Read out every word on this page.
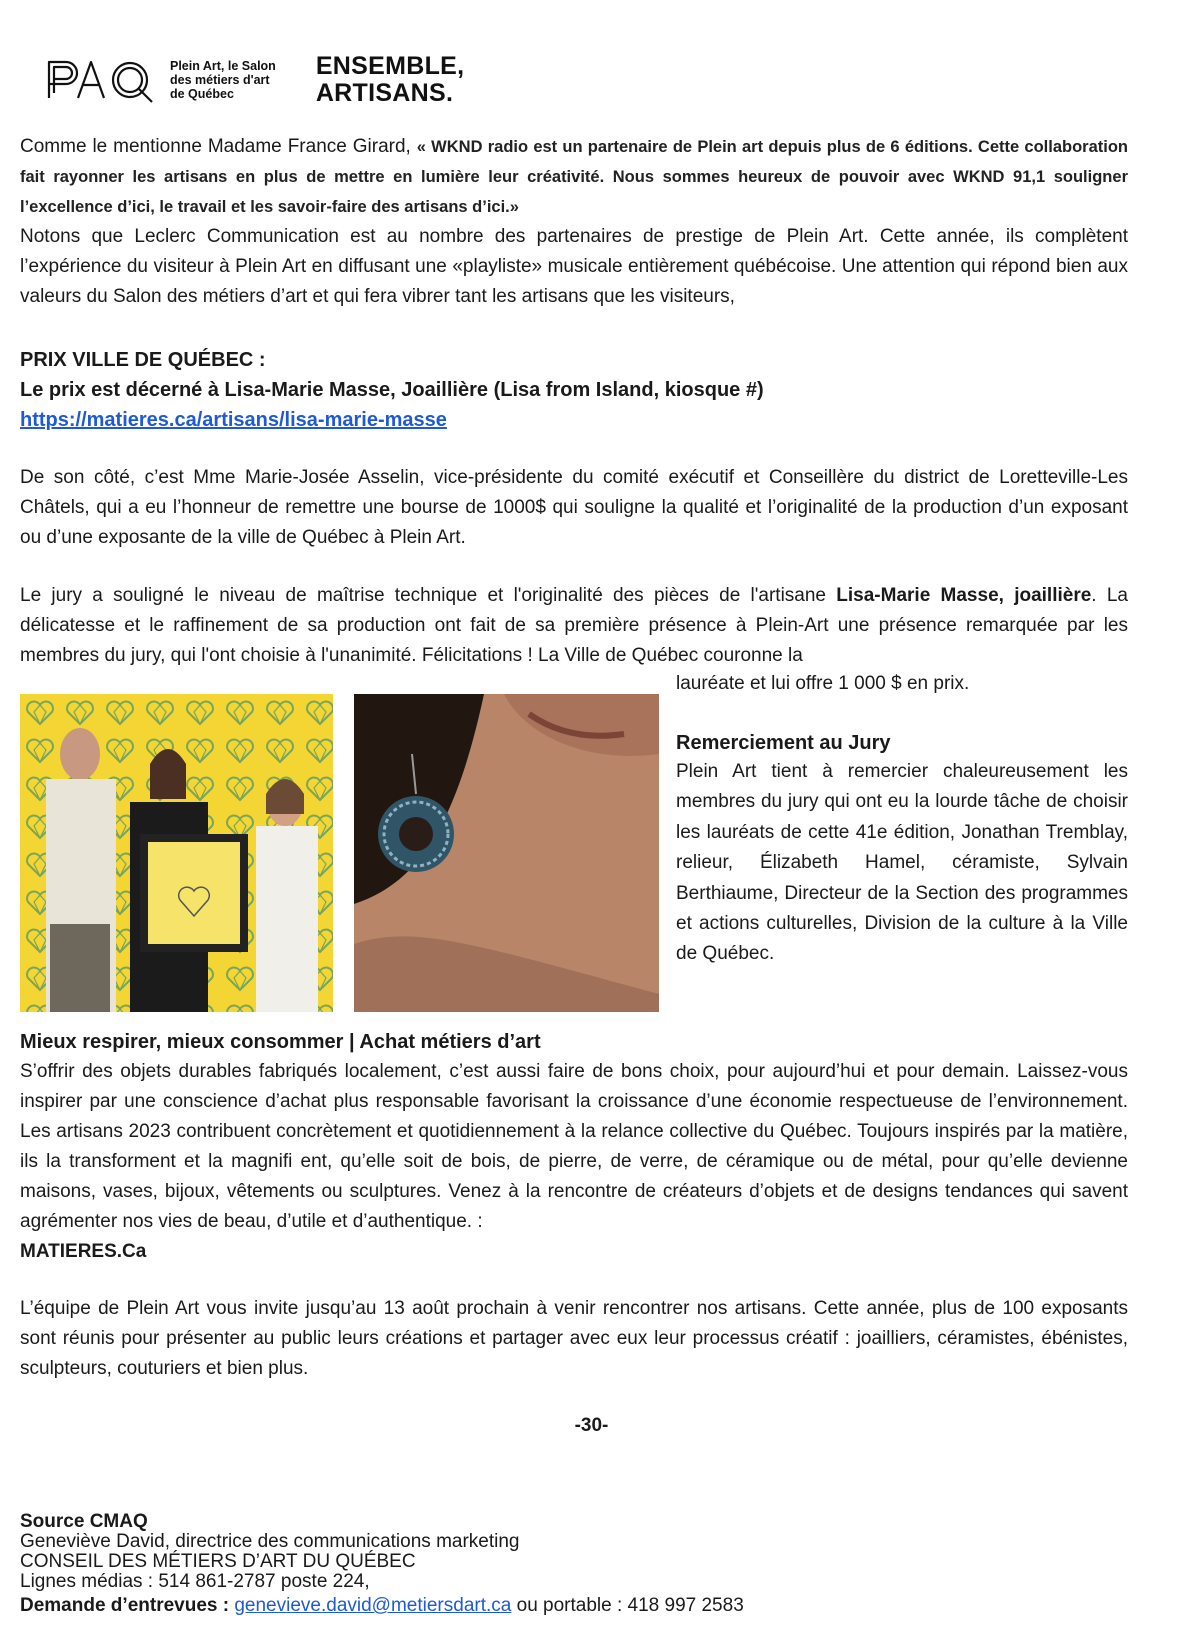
Plein Art, le Salon
des métiers d'art
de Québec
ENSEMBLE,
ARTISANS.
Comme le mentionne Madame France Girard, « WKND radio est un partenaire de Plein art depuis plus de 6 éditions. Cette collaboration fait rayonner les artisans en plus de mettre en lumière leur créativité. Nous sommes heureux de pouvoir avec WKND 91,1 souligner l’excellence d’ici, le travail et les savoir-faire des artisans d’ici.»
Notons que Leclerc Communication est au nombre des partenaires de prestige de Plein Art. Cette année, ils complètent l’expérience du visiteur à Plein Art en diffusant une «playliste» musicale entièrement québécoise. Une attention qui répond bien aux valeurs du Salon des métiers d’art et qui fera vibrer tant les artisans que les visiteurs,
PRIX VILLE DE QUÉBEC :
Le prix est décerné à Lisa-Marie Masse, Joaillière (Lisa from Island, kiosque #)
https://matieres.ca/artisans/lisa-marie-masse
De son côté, c’est Mme Marie-Josée Asselin, vice-présidente du comité exécutif et Conseillère du district de Loretteville-Les Châtels, qui a eu l’honneur de remettre une bourse de 1000$ qui souligne la qualité et l’originalité de la production d’un exposant ou d’une exposante de la ville de Québec à Plein Art.
Le jury a souligné le niveau de maîtrise technique et l'originalité des pièces de l'artisane Lisa-Marie Masse, joaillière. La délicatesse et le raffinement de sa production ont fait de sa première présence à Plein-Art une présence remarquée par les membres du jury, qui l'ont choisie à l'unanimité. Félicitations ! La Ville de Québec couronne la
lauréate et lui offre 1 000 $ en prix.
Remerciement au Jury
Plein Art tient à remercier chaleureusement les membres du jury qui ont eu la lourde tâche de choisir les lauréats de cette 41e édition, Jonathan Tremblay, relieur, Élizabeth Hamel, céramiste, Sylvain Berthiaume, Directeur de la Section des programmes et actions culturelles, Division de la culture à la Ville de Québec.
Mieux respirer, mieux consommer | Achat métiers d’art
S’offrir des objets durables fabriqués localement, c’est aussi faire de bons choix, pour aujourd’hui et pour demain. Laissez-vous inspirer par une conscience d’achat plus responsable favorisant la croissance d’une économie respectueuse de l’environnement. Les artisans 2023 contribuent concrètement et quotidiennement à la relance collective du Québec. Toujours inspirés par la matière, ils la transforment et la magnifi ent, qu’elle soit de bois, de pierre, de verre, de céramique ou de métal, pour qu’elle devienne maisons, vases, bijoux, vêtements ou sculptures. Venez à la rencontre de créateurs d’objets et de designs tendances qui savent agrémenter nos vies de beau, d’utile et d’authentique. :
MATIERES.Ca
L’équipe de Plein Art vous invite jusqu’au 13 août prochain à venir rencontrer nos artisans. Cette année, plus de 100 exposants sont réunis pour présenter au public leurs créations et partager avec eux leur processus créatif : joailliers, céramistes, ébénistes, sculpteurs, couturiers et bien plus.
-30-
Source CMAQ
Geneviève David, directrice des communications marketing
CONSEIL DES MÉTIERS D’ART DU QUÉBEC
Lignes médias : 514 861-2787 poste 224,
Demande d’entrevues : genevieve.david@metiersdart.ca ou portable : 418 997 2583
